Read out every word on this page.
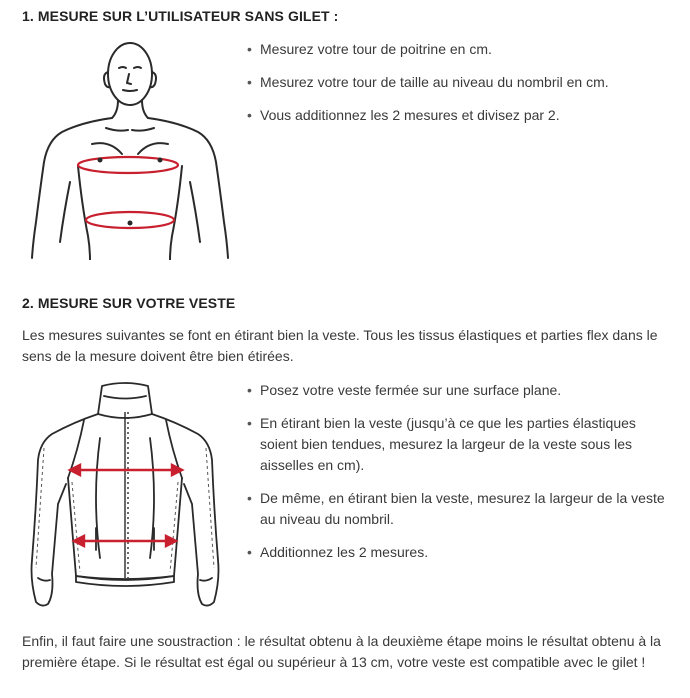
1. MESURE SUR L’UTILISATEUR SANS GILET :
• Mesurez votre tour de poitrine en cm.
• Mesurez votre tour de taille au niveau du nombril en cm.
• Vous additionnez les 2 mesures et divisez par 2.
2. MESURE SUR VOTRE VESTE
Les mesures suivantes se font en étirant bien la veste. Tous les tissus élastiques et parties flex dans le sens de la mesure doivent être bien étirées.
• Posez votre veste fermée sur une surface plane.
• En étirant bien la veste (jusqu’à ce que les parties élastiques soient bien tendues, mesurez la largeur de la veste sous les aisselles en cm).
• De même, en étirant bien la veste, mesurez la largeur de la veste au niveau du nombril.
• Additionnez les 2 mesures.
Enfin, il faut faire une soustraction : le résultat obtenu à la deuxième étape moins le résultat obtenu à la première étape. Si le résultat est égal ou supérieur à 13 cm, votre veste est compatible avec le gilet !
